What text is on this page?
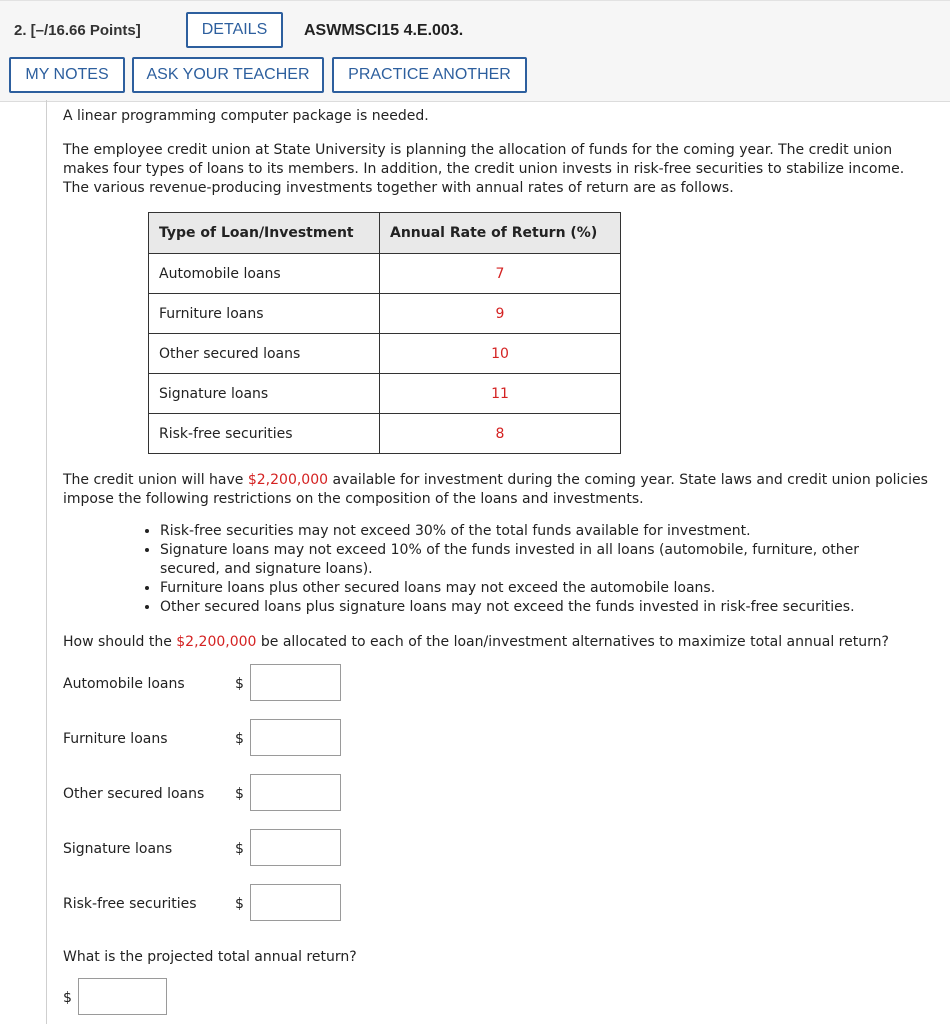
2. [–/16.66 Points]	DETAILS	ASWMSCI15 4.E.003.
MY NOTES	ASK YOUR TEACHER	PRACTICE ANOTHER
A linear programming computer package is needed.
The employee credit union at State University is planning the allocation of funds for the coming year. The credit union makes four types of loans to its members. In addition, the credit union invests in risk-free securities to stabilize income. The various revenue-producing investments together with annual rates of return are as follows.
Type of Loan/Investment	Annual Rate of Return (%)
Automobile loans	7
Furniture loans	9
Other secured loans	10
Signature loans	11
Risk-free securities	8
The credit union will have $2,200,000 available for investment during the coming year. State laws and credit union policies impose the following restrictions on the composition of the loans and investments.
• Risk-free securities may not exceed 30% of the total funds available for investment.
• Signature loans may not exceed 10% of the funds invested in all loans (automobile, furniture, other secured, and signature loans).
• Furniture loans plus other secured loans may not exceed the automobile loans.
• Other secured loans plus signature loans may not exceed the funds invested in risk-free securities.
How should the $2,200,000 be allocated to each of the loan/investment alternatives to maximize total annual return?
Automobile loans	$
Furniture loans	$
Other secured loans $
Signature loans	$
Risk-free securities	$
What is the projected total annual return?
$
